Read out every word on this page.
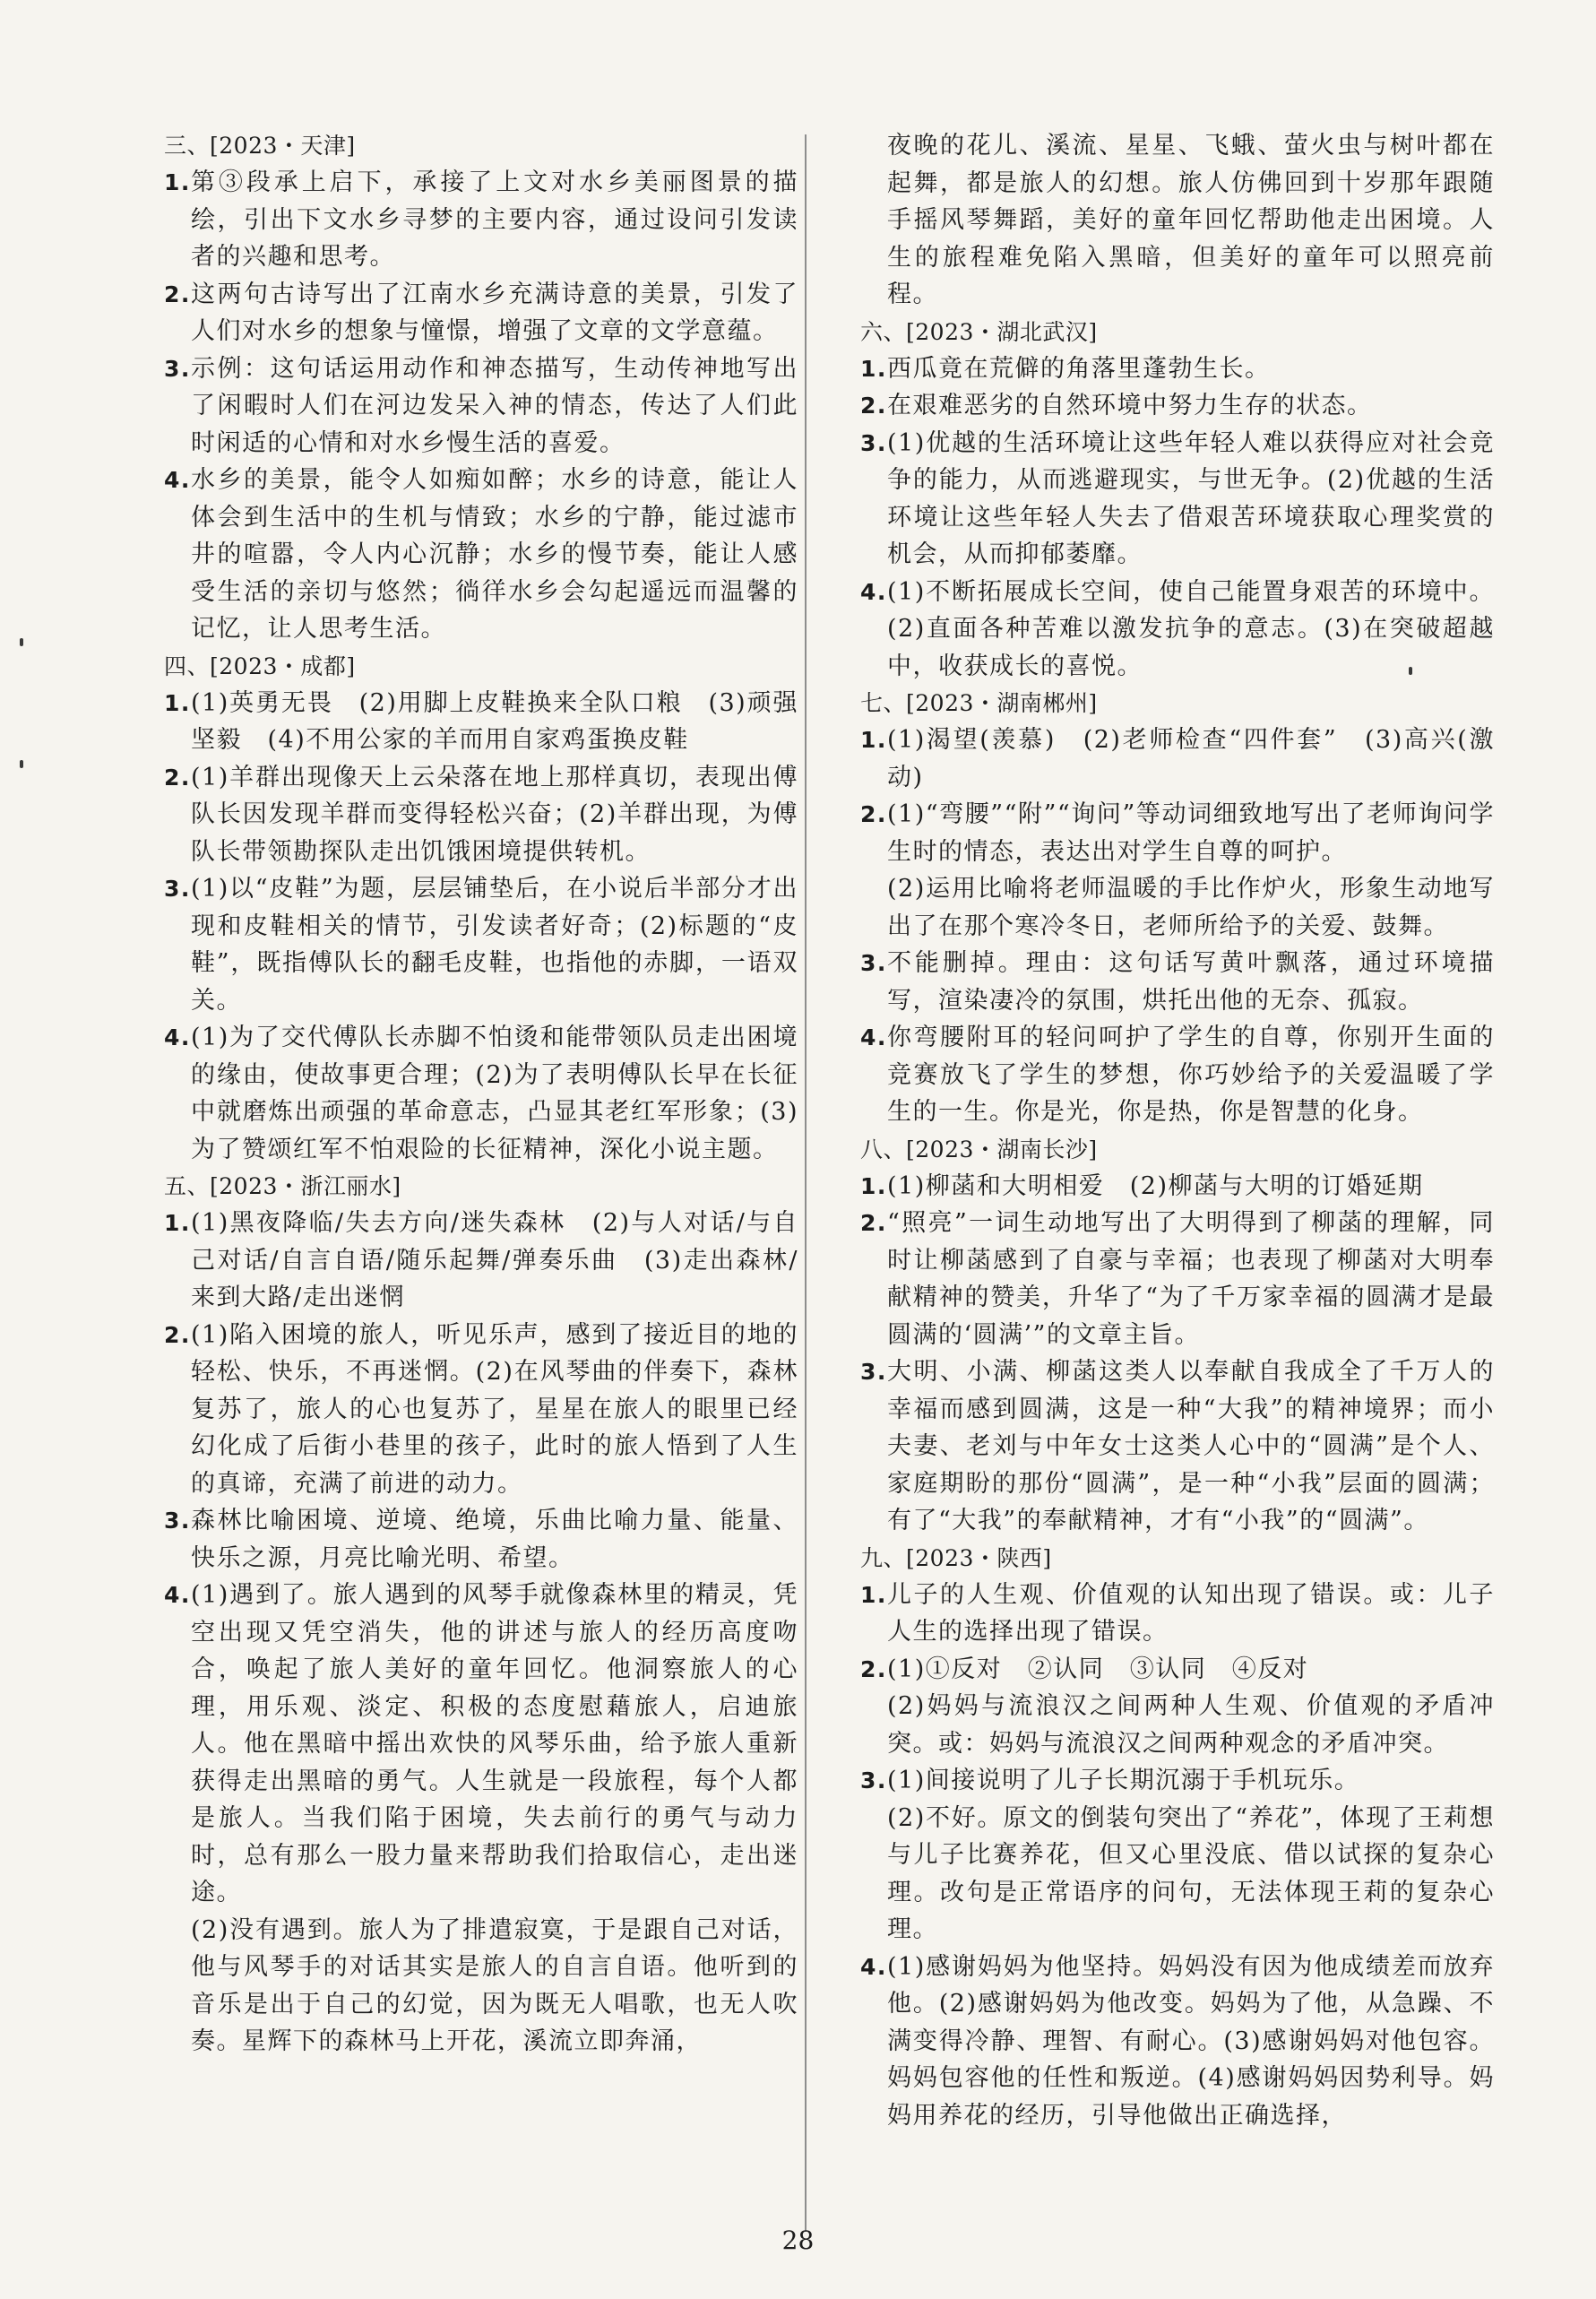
三、[2023・天津]
1. 第③段承上启下，承接了上文对水乡美丽图景的描绘，引出下文水乡寻梦的主要内容，通过设问引发读者的兴趣和思考。

2. 这两句古诗写出了江南水乡充满诗意的美景，引发了人们对水乡的想象与憧憬，增强了文章的文学意蕴。

3. 示例：这句话运用动作和神态描写，生动传神地写出了闲暇时人们在河边发呆入神的情态，传达了人们此时闲适的心情和对水乡慢生活的喜爱。

4. 水乡的美景，能令人如痴如醉；水乡的诗意，能让人体会到生活中的生机与情致；水乡的宁静，能过滤市井的喧嚣，令人内心沉静；水乡的慢节奏，能让人感受生活的亲切与悠然；徜徉水乡会勾起遥远而温馨的记忆，让人思考生活。

四、[2023・成都]
1. (1)英勇无畏　(2)用脚上皮鞋换来全队口粮　(3)顽强坚毅　(4)不用公家的羊而用自家鸡蛋换皮鞋

2. (1)羊群出现像天上云朵落在地上那样真切，表现出傅队长因发现羊群而变得轻松兴奋；(2)羊群出现，为傅队长带领勘探队走出饥饿困境提供转机。

3. (1)以“皮鞋”为题，层层铺垫后，在小说后半部分才出现和皮鞋相关的情节，引发读者好奇；(2)标题的“皮鞋”，既指傅队长的翻毛皮鞋，也指他的赤脚，一语双关。

4. (1)为了交代傅队长赤脚不怕烫和能带领队员走出困境的缘由，使故事更合理；(2)为了表明傅队长早在长征中就磨炼出顽强的革命意志，凸显其老红军形象；(3)为了赞颂红军不怕艰险的长征精神，深化小说主题。

五、[2023・浙江丽水]
1. (1)黑夜降临/失去方向/迷失森林　(2)与人对话/与自己对话/自言自语/随乐起舞/弹奏乐曲　(3)走出森林/来到大路/走出迷惘

2. (1)陷入困境的旅人，听见乐声，感到了接近目的地的轻松、快乐，不再迷惘。(2)在风琴曲的伴奏下，森林复苏了，旅人的心也复苏了，星星在旅人的眼里已经幻化成了后街小巷里的孩子，此时的旅人悟到了人生的真谛，充满了前进的动力。

3. 森林比喻困境、逆境、绝境，乐曲比喻力量、能量、快乐之源，月亮比喻光明、希望。

4. (1)遇到了。旅人遇到的风琴手就像森林里的精灵，凭空出现又凭空消失，他的讲述与旅人的经历高度吻合，唤起了旅人美好的童年回忆。他洞察旅人的心理，用乐观、淡定、积极的态度慰藉旅人，启迪旅人。他在黑暗中摇出欢快的风琴乐曲，给予旅人重新获得走出黑暗的勇气。人生就是一段旅程，每个人都是旅人。当我们陷于困境，失去前行的勇气与动力时，总有那么一股力量来帮助我们拾取信心，走出迷途。

(2)没有遇到。旅人为了排遣寂寞，于是跟自己对话，他与风琴手的对话其实是旅人的自言自语。他听到的音乐是出于自己的幻觉，因为既无人唱歌，也无人吹奏。星辉下的森林马上开花，溪流立即奔涌，

夜晚的花儿、溪流、星星、飞蛾、萤火虫与树叶都在起舞，都是旅人的幻想。旅人仿佛回到十岁那年跟随手摇风琴舞蹈，美好的童年回忆帮助他走出困境。人生的旅程难免陷入黑暗，但美好的童年可以照亮前程。

六、[2023・湖北武汉]
1. 西瓜竟在荒僻的角落里蓬勃生长。

2. 在艰难恶劣的自然环境中努力生存的状态。

3. (1)优越的生活环境让这些年轻人难以获得应对社会竞争的能力，从而逃避现实，与世无争。(2)优越的生活环境让这些年轻人失去了借艰苦环境获取心理奖赏的机会，从而抑郁萎靡。

4. (1)不断拓展成长空间，使自己能置身艰苦的环境中。(2)直面各种苦难以激发抗争的意志。(3)在突破超越中，收获成长的喜悦。

七、[2023・湖南郴州]
1. (1)渴望(羡慕)　(2)老师检查“四件套”　(3)高兴(激动)

2. (1)“弯腰”“附”“询问”等动词细致地写出了老师询问学生时的情态，表达出对学生自尊的呵护。

(2)运用比喻将老师温暖的手比作炉火，形象生动地写出了在那个寒冷冬日，老师所给予的关爱、鼓舞。

3. 不能删掉。理由：这句话写黄叶飘落，通过环境描写，渲染凄冷的氛围，烘托出他的无奈、孤寂。

4. 你弯腰附耳的轻问呵护了学生的自尊，你别开生面的竞赛放飞了学生的梦想，你巧妙给予的关爱温暖了学生的一生。你是光，你是热，你是智慧的化身。

八、[2023・湖南长沙]
1. (1)柳菡和大明相爱　(2)柳菡与大明的订婚延期

2. “照亮”一词生动地写出了大明得到了柳菡的理解，同时让柳菡感到了自豪与幸福；也表现了柳菡对大明奉献精神的赞美，升华了“为了千万家幸福的圆满才是最圆满的‘圆满’”的文章主旨。

3. 大明、小满、柳菡这类人以奉献自我成全了千万人的幸福而感到圆满，这是一种“大我”的精神境界；而小夫妻、老刘与中年女士这类人心中的“圆满”是个人、家庭期盼的那份“圆满”，是一种“小我”层面的圆满；有了“大我”的奉献精神，才有“小我”的“圆满”。

九、[2023・陕西]
1. 儿子的人生观、价值观的认知出现了错误。或：儿子人生的选择出现了错误。

2. (1)①反对　②认同　③认同　④反对

(2)妈妈与流浪汉之间两种人生观、价值观的矛盾冲突。或：妈妈与流浪汉之间两种观念的矛盾冲突。

3. (1)间接说明了儿子长期沉溺于手机玩乐。

(2)不好。原文的倒装句突出了“养花”，体现了王莉想与儿子比赛养花，但又心里没底、借以试探的复杂心理。改句是正常语序的问句，无法体现王莉的复杂心理。

4. (1)感谢妈妈为他坚持。妈妈没有因为他成绩差而放弃他。(2)感谢妈妈为他改变。妈妈为了他，从急躁、不满变得冷静、理智、有耐心。(3)感谢妈妈对他包容。妈妈包容他的任性和叛逆。(4)感谢妈妈因势利导。妈妈用养花的经历，引导他做出正确选择，

28
